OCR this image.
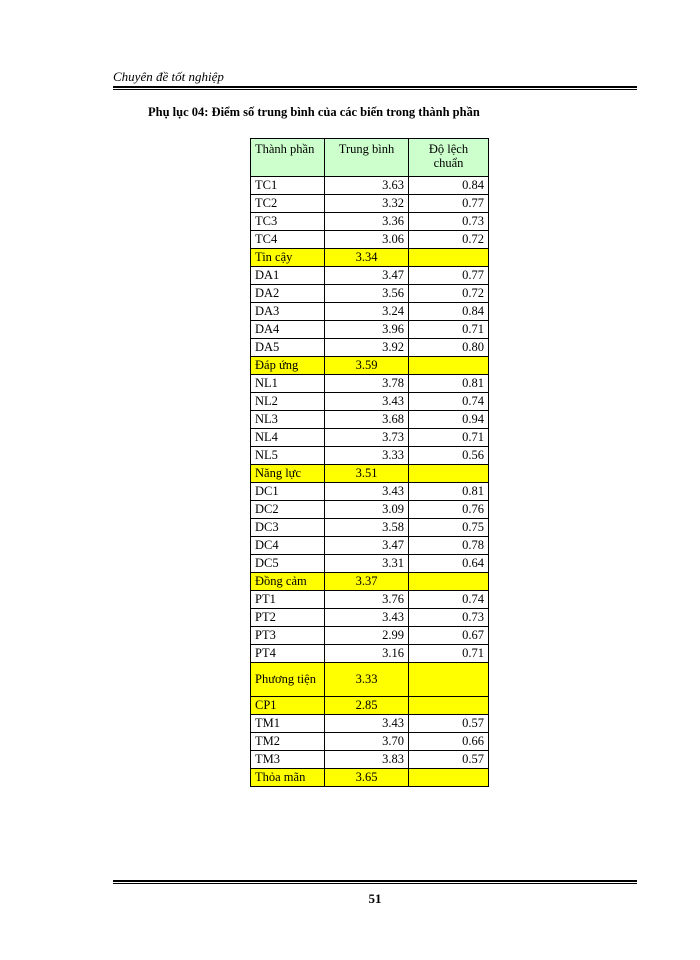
Chuyên đề tốt nghiệp
Phụ lục 04: Điểm số trung bình của các biến trong thành phần
Thành phần	Trung bình	Độ lệch chuẩn
TC1	3.63	0.84
TC2	3.32	0.77
TC3	3.36	0.73
TC4	3.06	0.72
Tin cậy	3.34	
DA1	3.47	0.77
DA2	3.56	0.72
DA3	3.24	0.84
DA4	3.96	0.71
DA5	3.92	0.80
Đáp ứng	3.59	
NL1	3.78	0.81
NL2	3.43	0.74
NL3	3.68	0.94
NL4	3.73	0.71
NL5	3.33	0.56
Năng lực	3.51	
DC1	3.43	0.81
DC2	3.09	0.76
DC3	3.58	0.75
DC4	3.47	0.78
DC5	3.31	0.64
Đồng cảm	3.37	
PT1	3.76	0.74
PT2	3.43	0.73
PT3	2.99	0.67
PT4	3.16	0.71
Phương tiện	3.33	
CP1	2.85	
TM1	3.43	0.57
TM2	3.70	0.66
TM3	3.83	0.57
Thỏa mãn	3.65	
51
